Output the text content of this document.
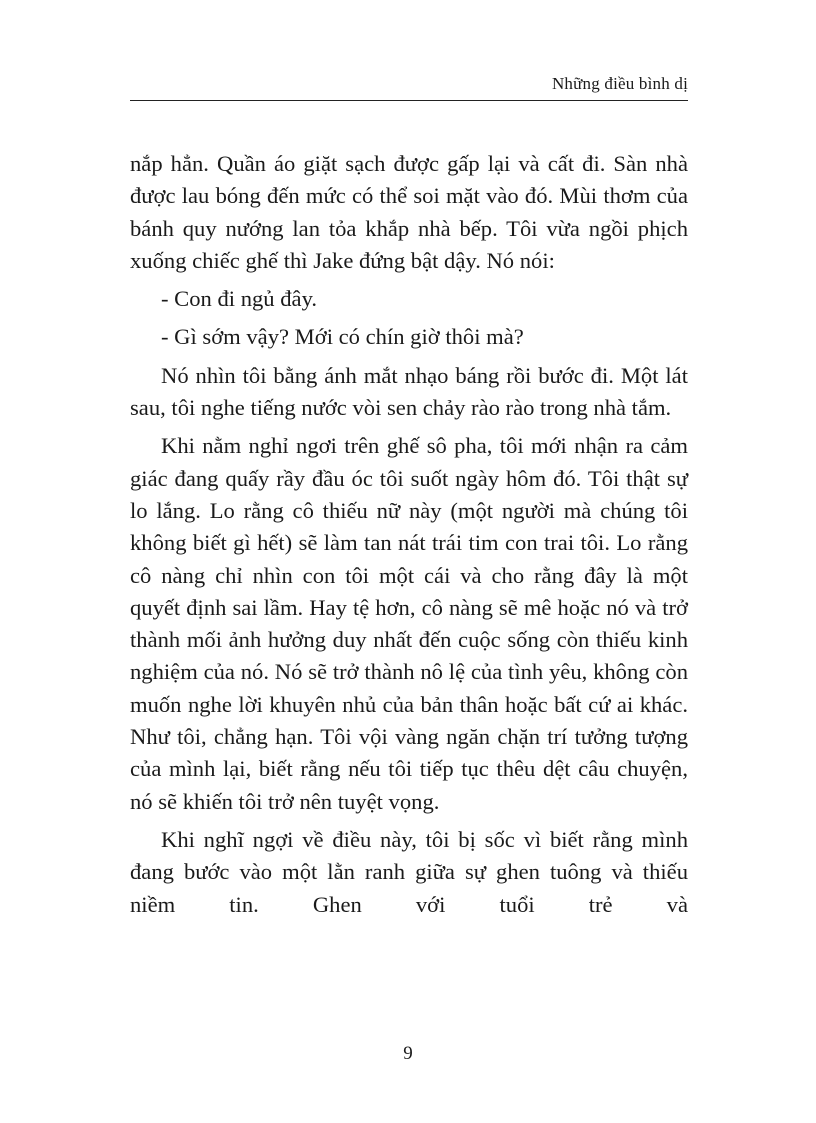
Những điều bình dị

nắp hẳn. Quần áo giặt sạch được gấp lại và cất đi. Sàn nhà được lau bóng đến mức có thể soi mặt vào đó. Mùi thơm của bánh quy nướng lan tỏa khắp nhà bếp. Tôi vừa ngồi phịch xuống chiếc ghế thì Jake đứng bật dậy. Nó nói:

- Con đi ngủ đây.

- Gì sớm vậy? Mới có chín giờ thôi mà?

Nó nhìn tôi bằng ánh mắt nhạo báng rồi bước đi. Một lát sau, tôi nghe tiếng nước vòi sen chảy rào rào trong nhà tắm.

Khi nằm nghỉ ngơi trên ghế sô pha, tôi mới nhận ra cảm giác đang quấy rầy đầu óc tôi suốt ngày hôm đó. Tôi thật sự lo lắng. Lo rằng cô thiếu nữ này (một người mà chúng tôi không biết gì hết) sẽ làm tan nát trái tim con trai tôi. Lo rằng cô nàng chỉ nhìn con tôi một cái và cho rằng đây là một quyết định sai lầm. Hay tệ hơn, cô nàng sẽ mê hoặc nó và trở thành mối ảnh hưởng duy nhất đến cuộc sống còn thiếu kinh nghiệm của nó. Nó sẽ trở thành nô lệ của tình yêu, không còn muốn nghe lời khuyên nhủ của bản thân hoặc bất cứ ai khác. Như tôi, chẳng hạn. Tôi vội vàng ngăn chặn trí tưởng tượng của mình lại, biết rằng nếu tôi tiếp tục thêu dệt câu chuyện, nó sẽ khiến tôi trở nên tuyệt vọng.

Khi nghĩ ngợi về điều này, tôi bị sốc vì biết rằng mình đang bước vào một lằn ranh giữa sự ghen tuông và thiếu niềm tin. Ghen với tuổi trẻ và

9
